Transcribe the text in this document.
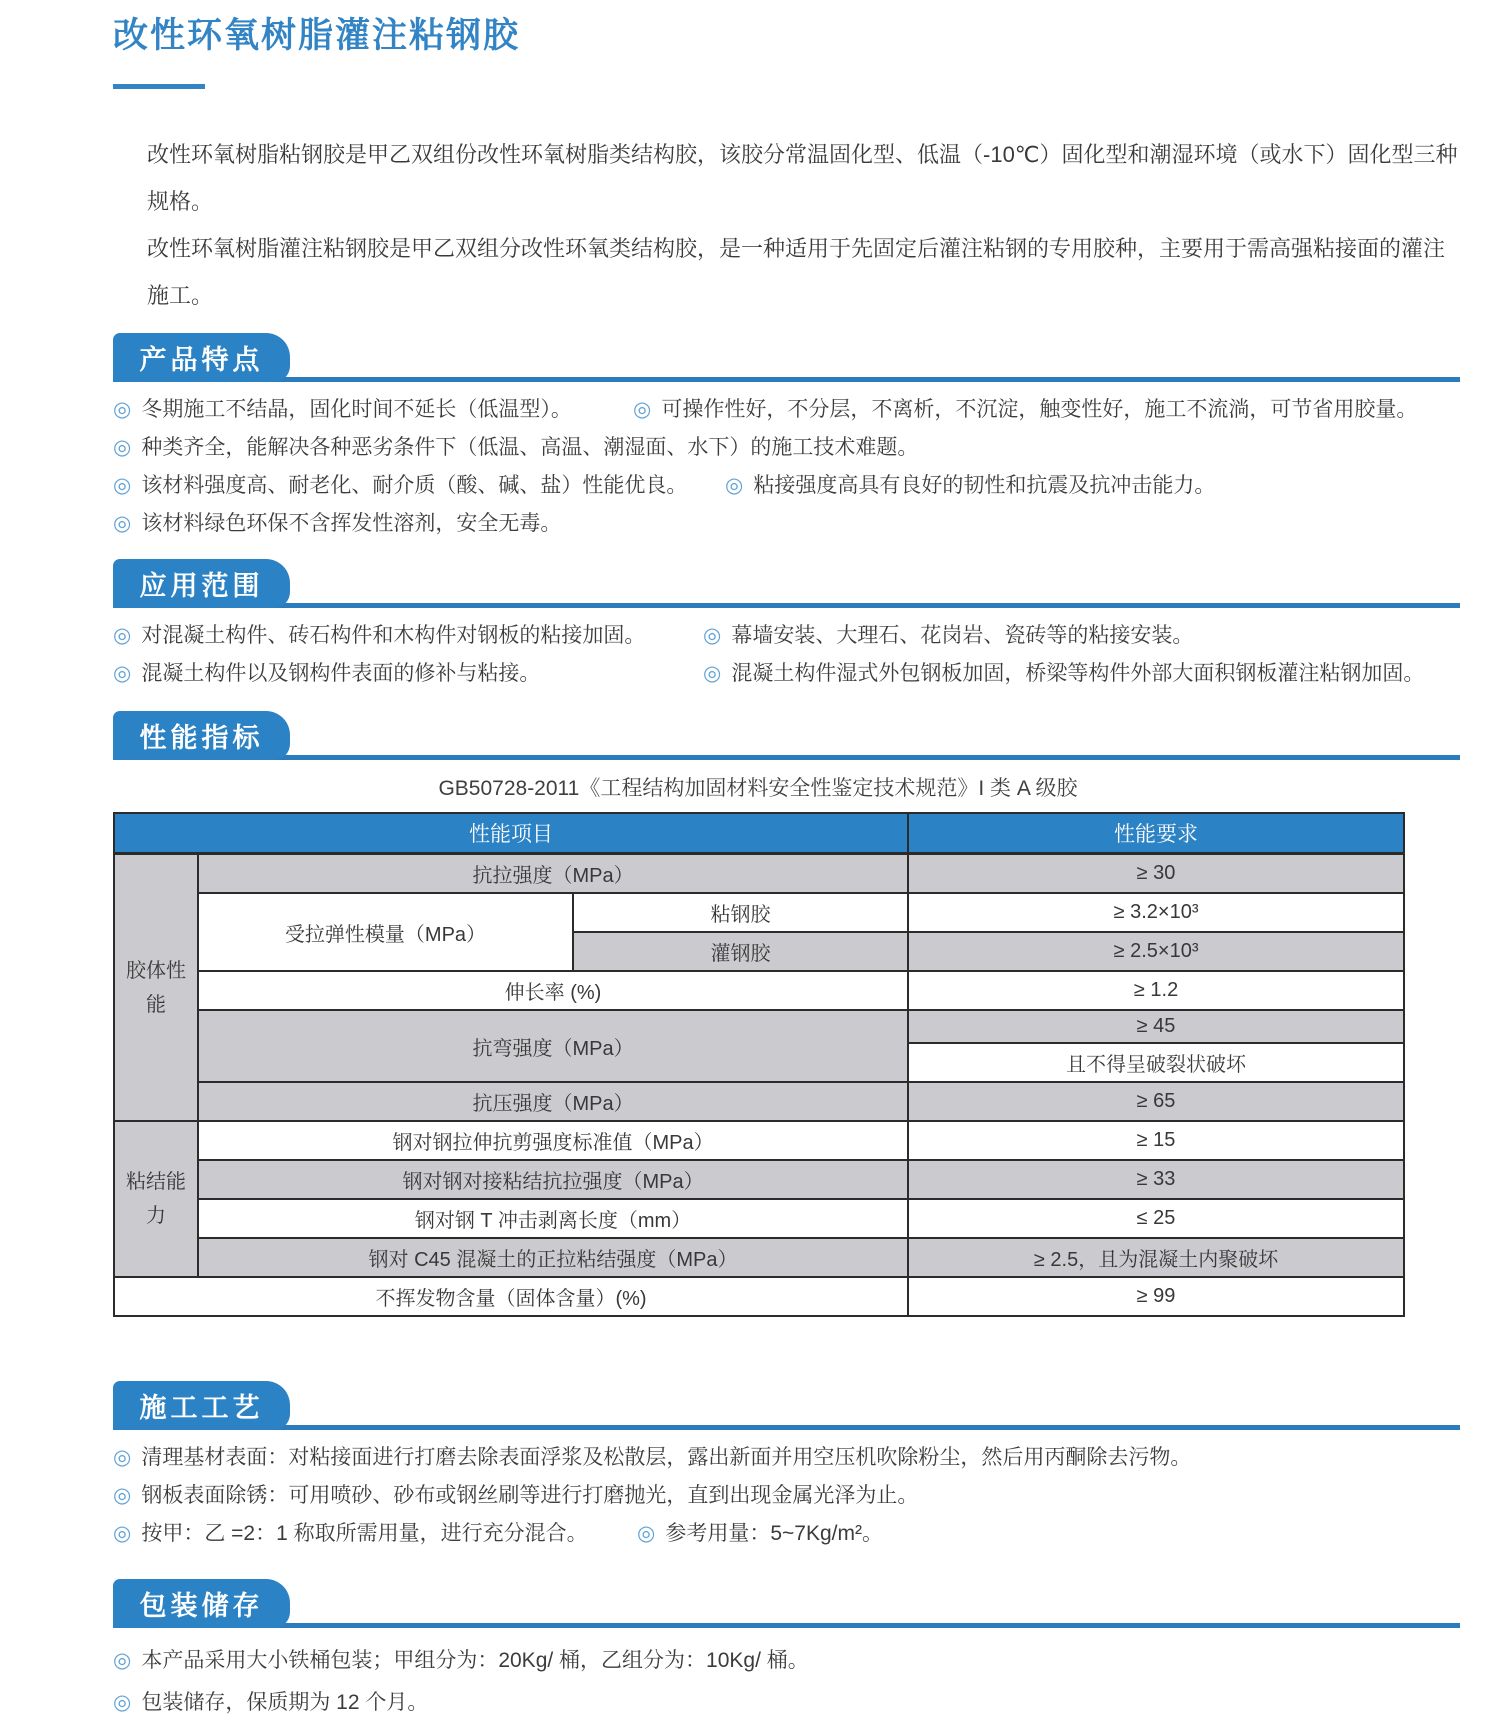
改性环氧树脂灌注粘钢胶

改性环氧树脂粘钢胶是甲乙双组份改性环氧树脂类结构胶，该胶分常温固化型、低温（-10℃）固化型和潮湿环境（或水下）固化型三种规格。

改性环氧树脂灌注粘钢胶是甲乙双组分改性环氧类结构胶，是一种适用于先固定后灌注粘钢的专用胶种，主要用于需高强粘接面的灌注施工。

产品特点
◎ 冬期施工不结晶，固化时间不延长（低温型）。	◎ 可操作性好，不分层，不离析，不沉淀，触变性好，施工不流淌，可节省用胶量。
◎ 种类齐全，能解决各种恶劣条件下（低温、高温、潮湿面、水下）的施工技术难题。
◎ 该材料强度高、耐老化、耐介质（酸、碱、盐）性能优良。 ◎ 粘接强度高具有良好的韧性和抗震及抗冲击能力。
◎ 该材料绿色环保不含挥发性溶剂，安全无毒。
应用范围
◎ 对混凝土构件、砖石构件和木构件对钢板的粘接加固。	◎ 幕墙安装、大理石、花岗岩、瓷砖等的粘接安装。
◎ 混凝土构件以及钢构件表面的修补与粘接。	◎ 混凝土构件湿式外包钢板加固，桥梁等构件外部大面积钢板灌注粘钢加固。
性能指标
GB50728-2011《工程结构加固材料安全性鉴定技术规范》I 类 A 级胶
性能项目			性能要求
胶体性能	抗拉强度（MPa）		≥ 30
	受拉弹性模量（MPa）	粘钢胶	≥ 3.2×10³
		灌钢胶	≥ 2.5×10³
	伸长率 (%)		≥ 1.2
	抗弯强度（MPa）		≥ 45
			且不得呈破裂状破坏
	抗压强度（MPa）		≥ 65
粘结能力	钢对钢拉伸抗剪强度标准值（MPa）		≥ 15
	钢对钢对接粘结抗拉强度（MPa）		≥ 33
	钢对钢 T 冲击剥离长度（mm）		≤ 25
	钢对 C45 混凝土的正拉粘结强度（MPa）		≥ 2.5，且为混凝土内聚破坏
不挥发物含量（固体含量）(%)			≥ 99
施工工艺
◎ 清理基材表面：对粘接面进行打磨去除表面浮浆及松散层，露出新面并用空压机吹除粉尘，然后用丙酮除去污物。
◎ 钢板表面除锈：可用喷砂、砂布或钢丝刷等进行打磨抛光，直到出现金属光泽为止。
◎ 按甲：乙 =2：1 称取所需用量，进行充分混合。 ◎ 参考用量：5~7Kg/m²。
包装储存
◎ 本产品采用大小铁桶包装；甲组分为：20Kg/ 桶，乙组分为：10Kg/ 桶。
◎ 包装储存，保质期为 12 个月。
